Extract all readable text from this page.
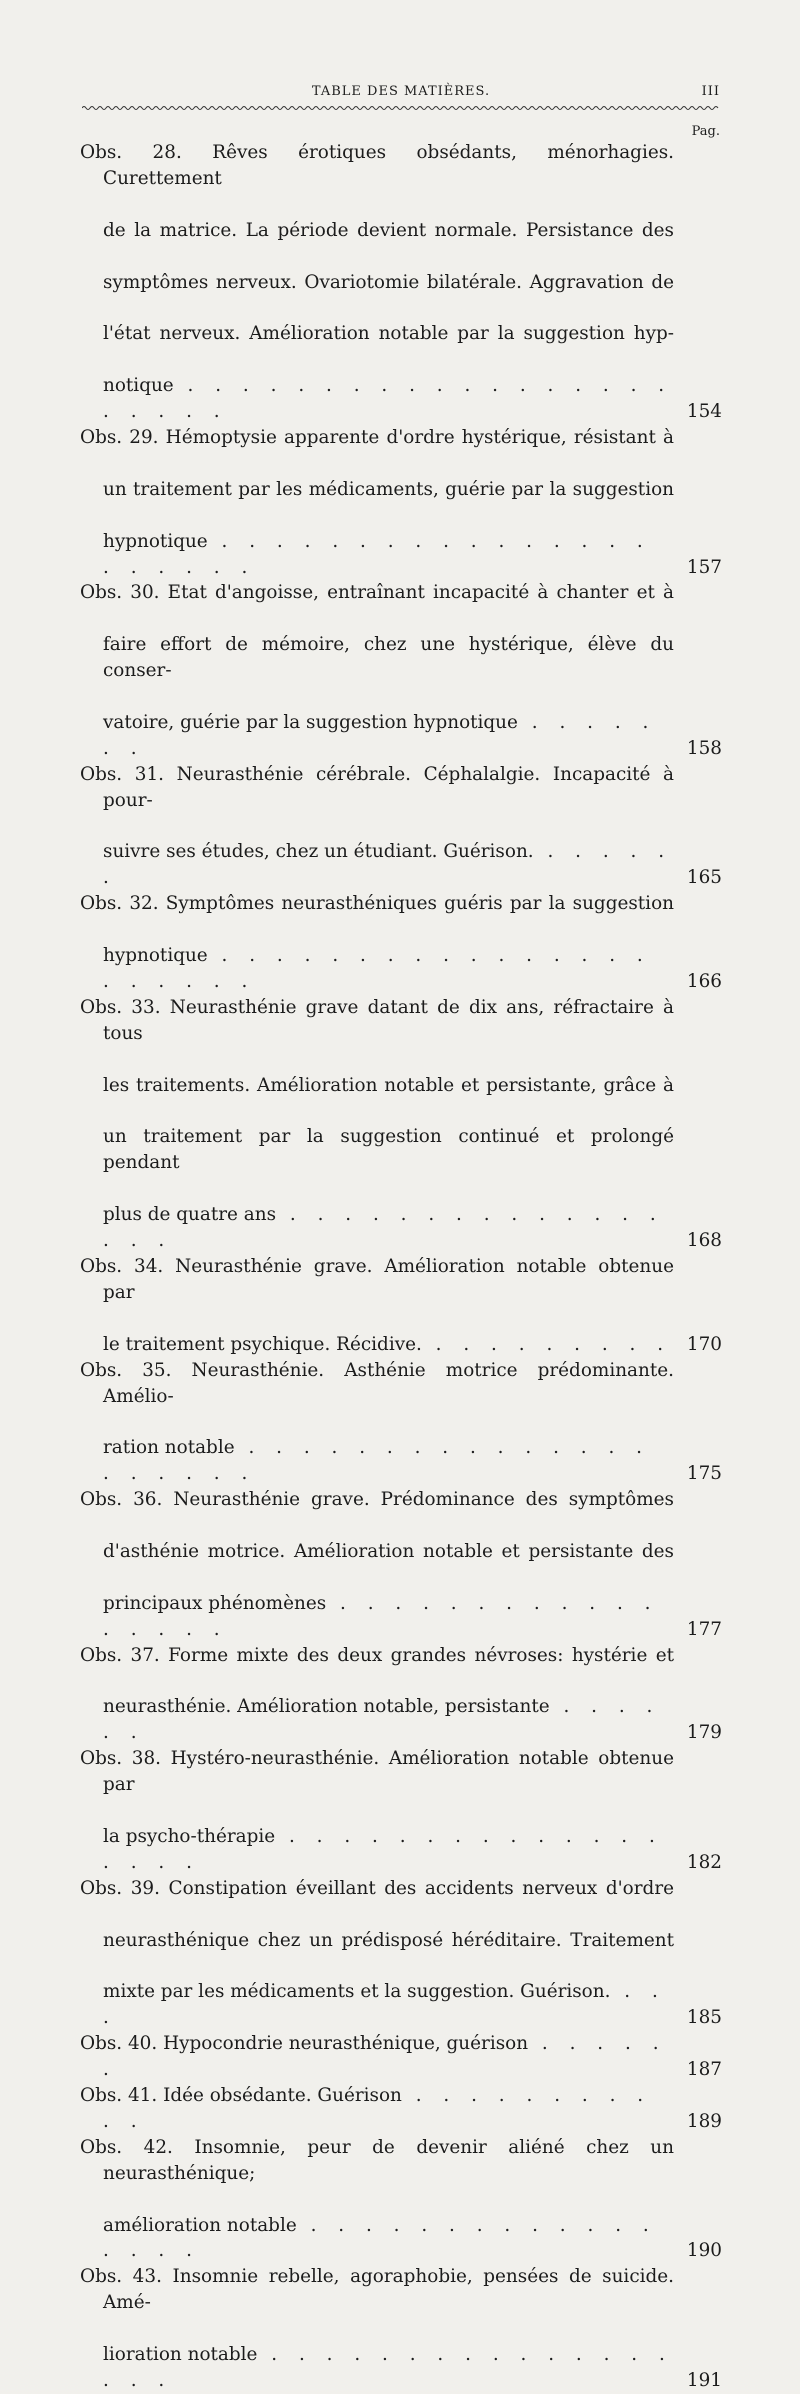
TABLE DES MATIÈRES.	III
Pag.
Obs. 28. Rêves érotiques obsédants, ménorhagies. Curettement
de la matrice. La période devient normale. Persistance des
symptômes nerveux. Ovariotomie bilatérale. Aggravation de
l'état nerveux. Amélioration notable par la suggestion hyp-
notique . . . . . . . . . . . . . . . . . . . . . . .	154
Obs. 29. Hémoptysie apparente d'ordre hystérique, résistant à
un traitement par les médicaments, guérie par la suggestion
hypnotique . . . . . . . . . . . . . . . . . . . . . .	157
Obs. 30. Etat d'angoisse, entraînant incapacité à chanter et à
faire effort de mémoire, chez une hystérique, élève du conser-
vatoire, guérie par la suggestion hypnotique . . . . . . .	158
Obs. 31. Neurasthénie cérébrale. Céphalalgie. Incapacité à pour-
suivre ses études, chez un étudiant. Guérison. . . . . . .	165
Obs. 32. Symptômes neurasthéniques guéris par la suggestion
hypnotique . . . . . . . . . . . . . . . . . . . . . .	166
Obs. 33. Neurasthénie grave datant de dix ans, réfractaire à tous
les traitements. Amélioration notable et persistante, grâce à
un traitement par la suggestion continué et prolongé pendant
plus de quatre ans . . . . . . . . . . . . . . . . .	168
Obs. 34. Neurasthénie grave. Amélioration notable obtenue par
le traitement psychique. Récidive. . . . . . . . . . 170
Obs. 35. Neurasthénie. Asthénie motrice prédominante. Amélio-
ration notable . . . . . . . . . . . . . . . . . . . . .	175
Obs. 36. Neurasthénie grave. Prédominance des symptômes
d'asthénie motrice. Amélioration notable et persistante des
principaux phénomènes . . . . . . . . . . . . . . . . .	177
Obs. 37. Forme mixte des deux grandes névroses: hystérie et
neurasthénie. Amélioration notable, persistante . . . . . .	179
Obs. 38. Hystéro-neurasthénie. Amélioration notable obtenue par
la psycho-thérapie . . . . . . . . . . . . . . . . . .	182
Obs. 39. Constipation éveillant des accidents nerveux d'ordre
neurasthénique chez un prédisposé héréditaire. Traitement
mixte par les médicaments et la suggestion. Guérison. . . .	185
Obs. 40. Hypocondrie neurasthénique, guérison . . . . . .	187
Obs. 41. Idée obsédante. Guérison . . . . . . . . . . .	189
Obs. 42. Insomnie, peur de devenir aliéné chez un neurasthénique;
amélioration notable . . . . . . . . . . . . . . . . .	190
Obs. 43. Insomnie rebelle, agoraphobie, pensées de suicide. Amé-
lioration notable . . . . . . . . . . . . . . . . . .	191
